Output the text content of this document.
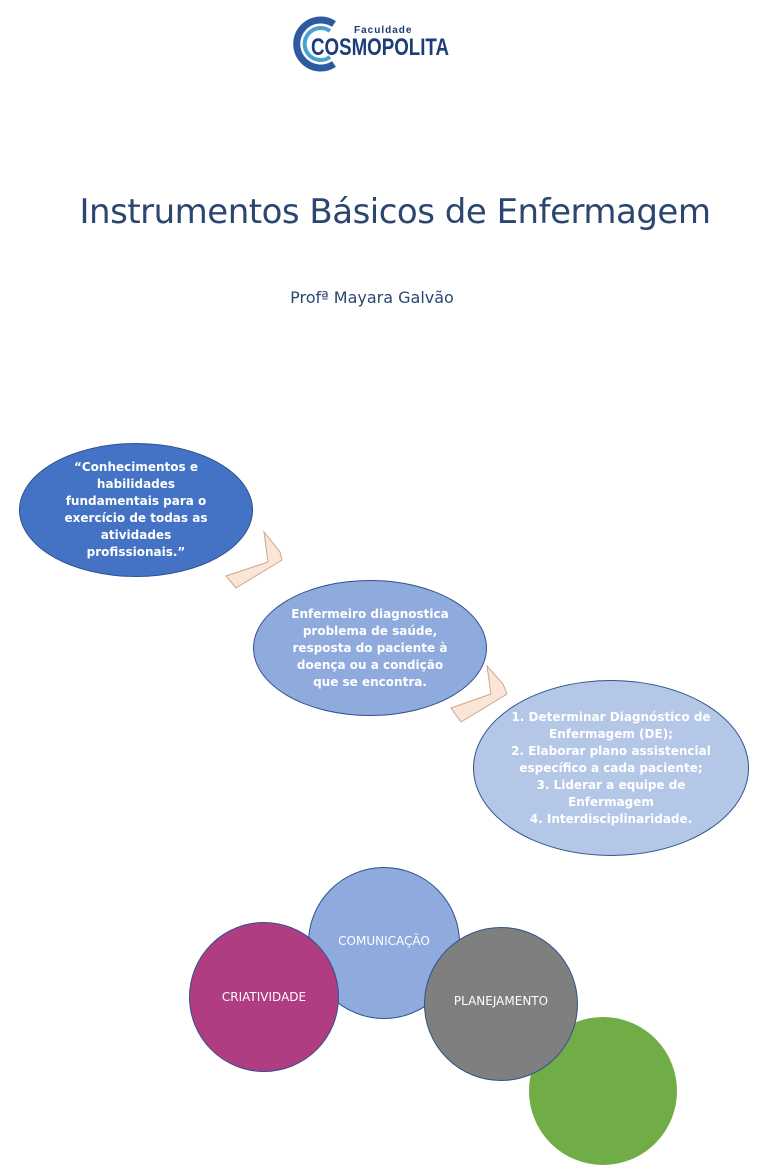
Faculdade
COSMOPOLITA
Instrumentos Básicos de Enfermagem
Profª Mayara Galvão
“Conhecimentos e habilidades fundamentais para o exercício de todas as atividades profissionais.”
Enfermeiro diagnostica problema de saúde, resposta do paciente à doença ou a condição que se encontra.
1. Determinar Diagnóstico de Enfermagem (DE);
2. Elaborar plano assistencial específico a cada paciente;
3. Liderar a equipe de Enfermagem
4. Interdisciplinaridade.
COMUNICAÇÃO
PLANEJAMENTO
CRIATIVIDADE
